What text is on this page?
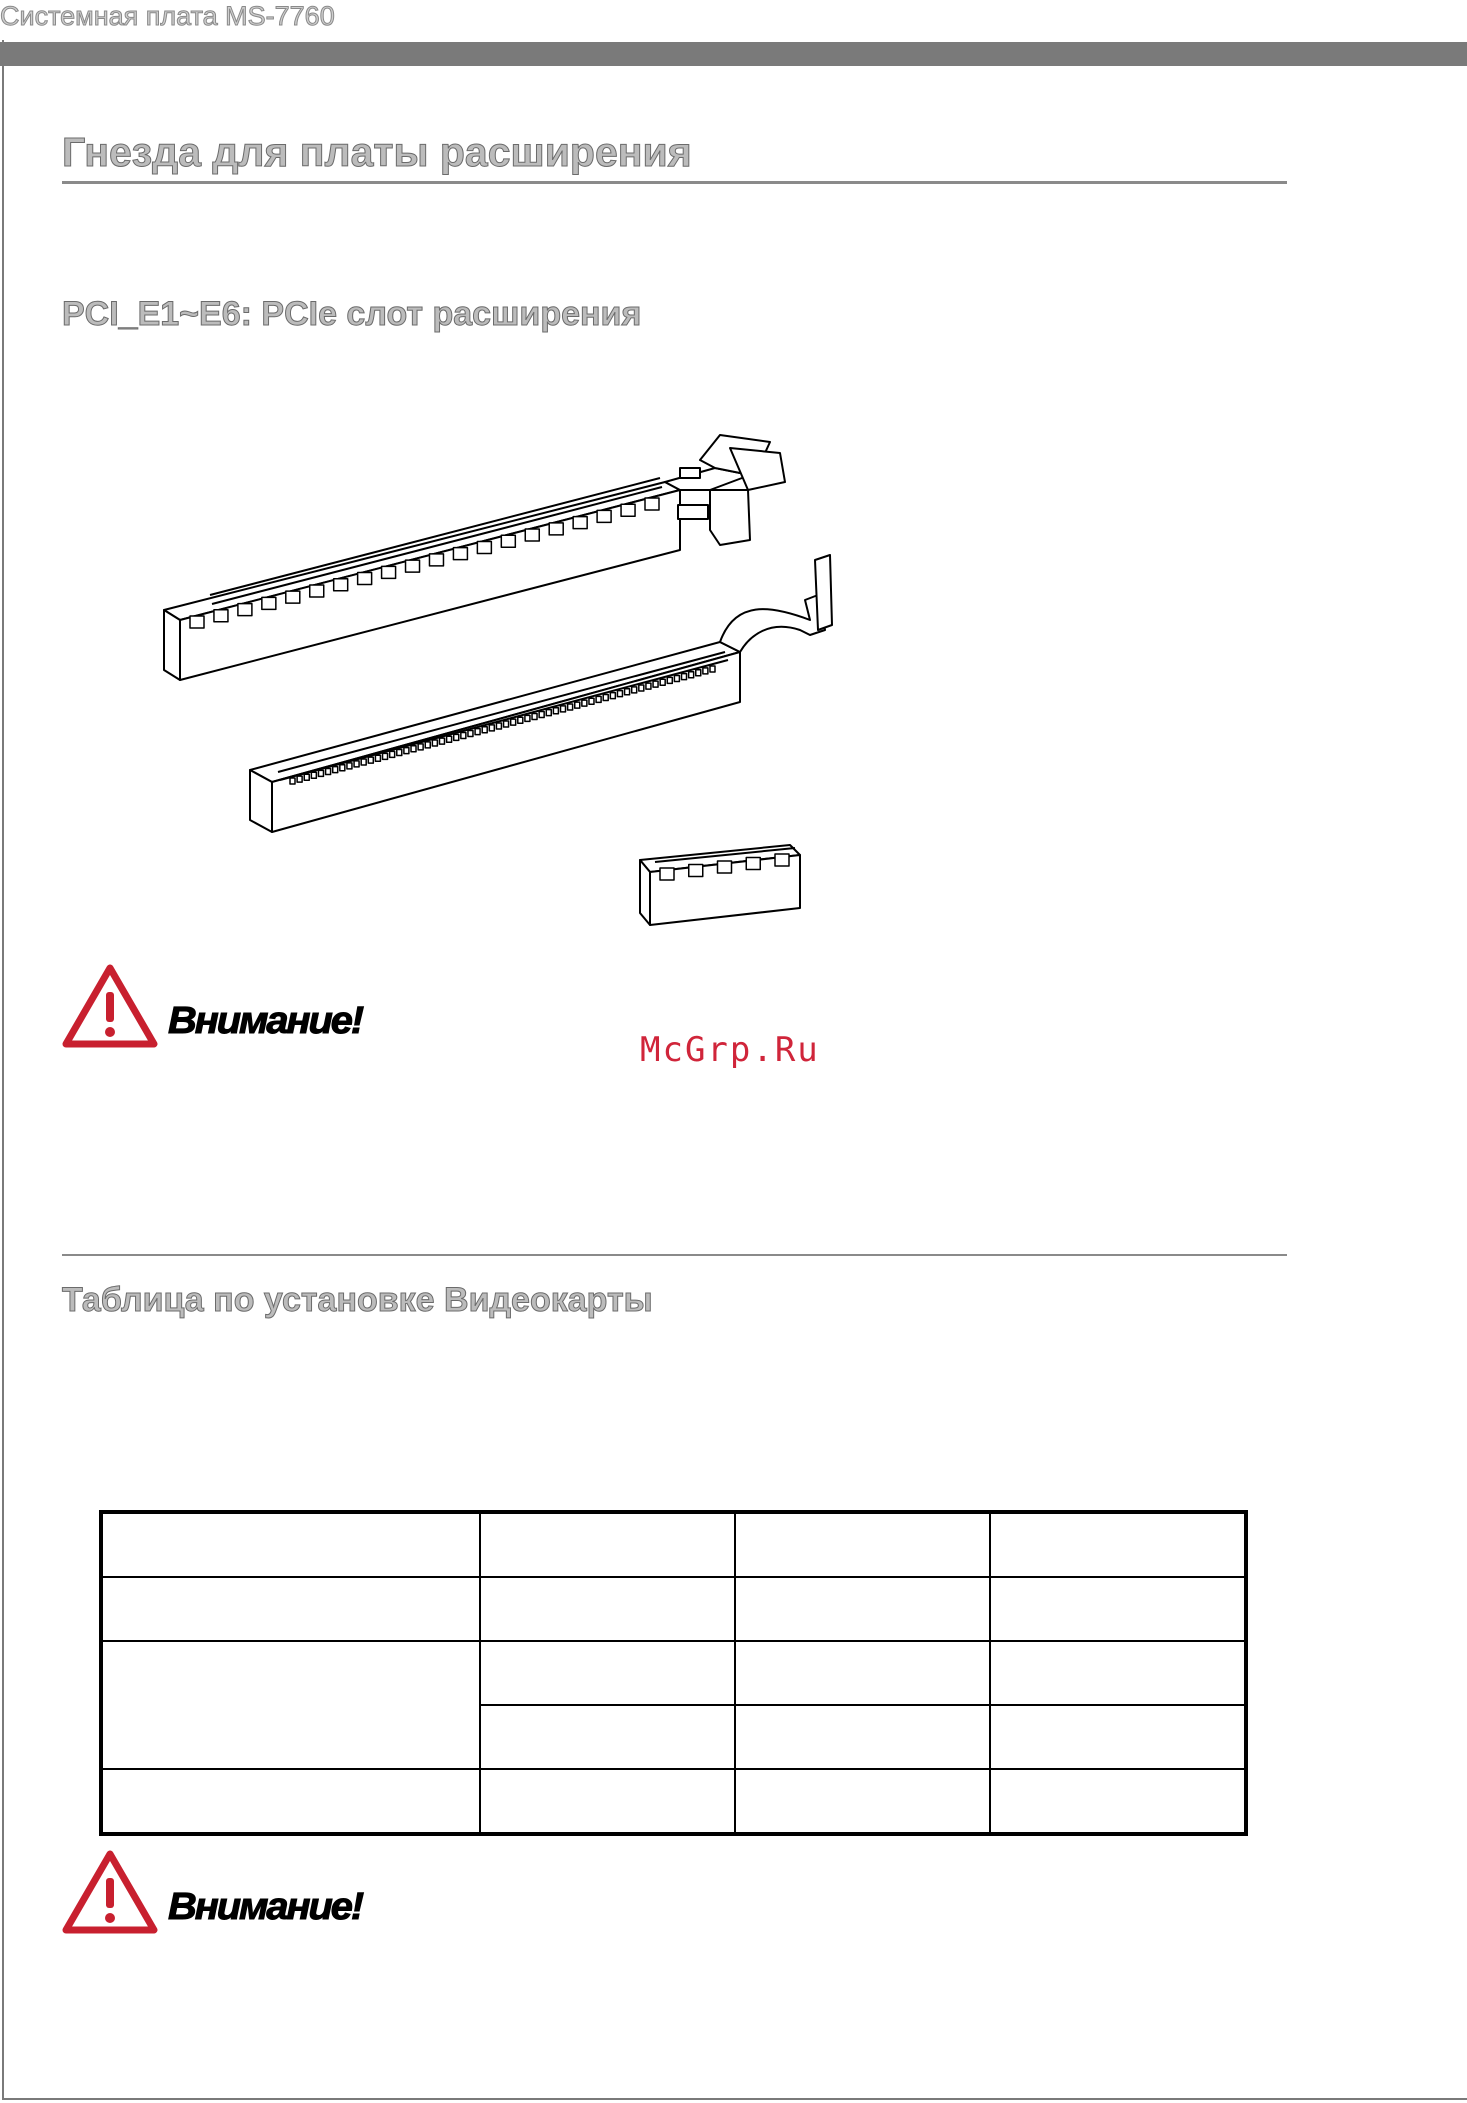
Системная плата MS-7760
Гнезда для платы расширения
PCI_E1~E6: PCIe слот расширения
Внимание!
McGrp.Ru
Таблица по установке Видеокарты

Внимание!
